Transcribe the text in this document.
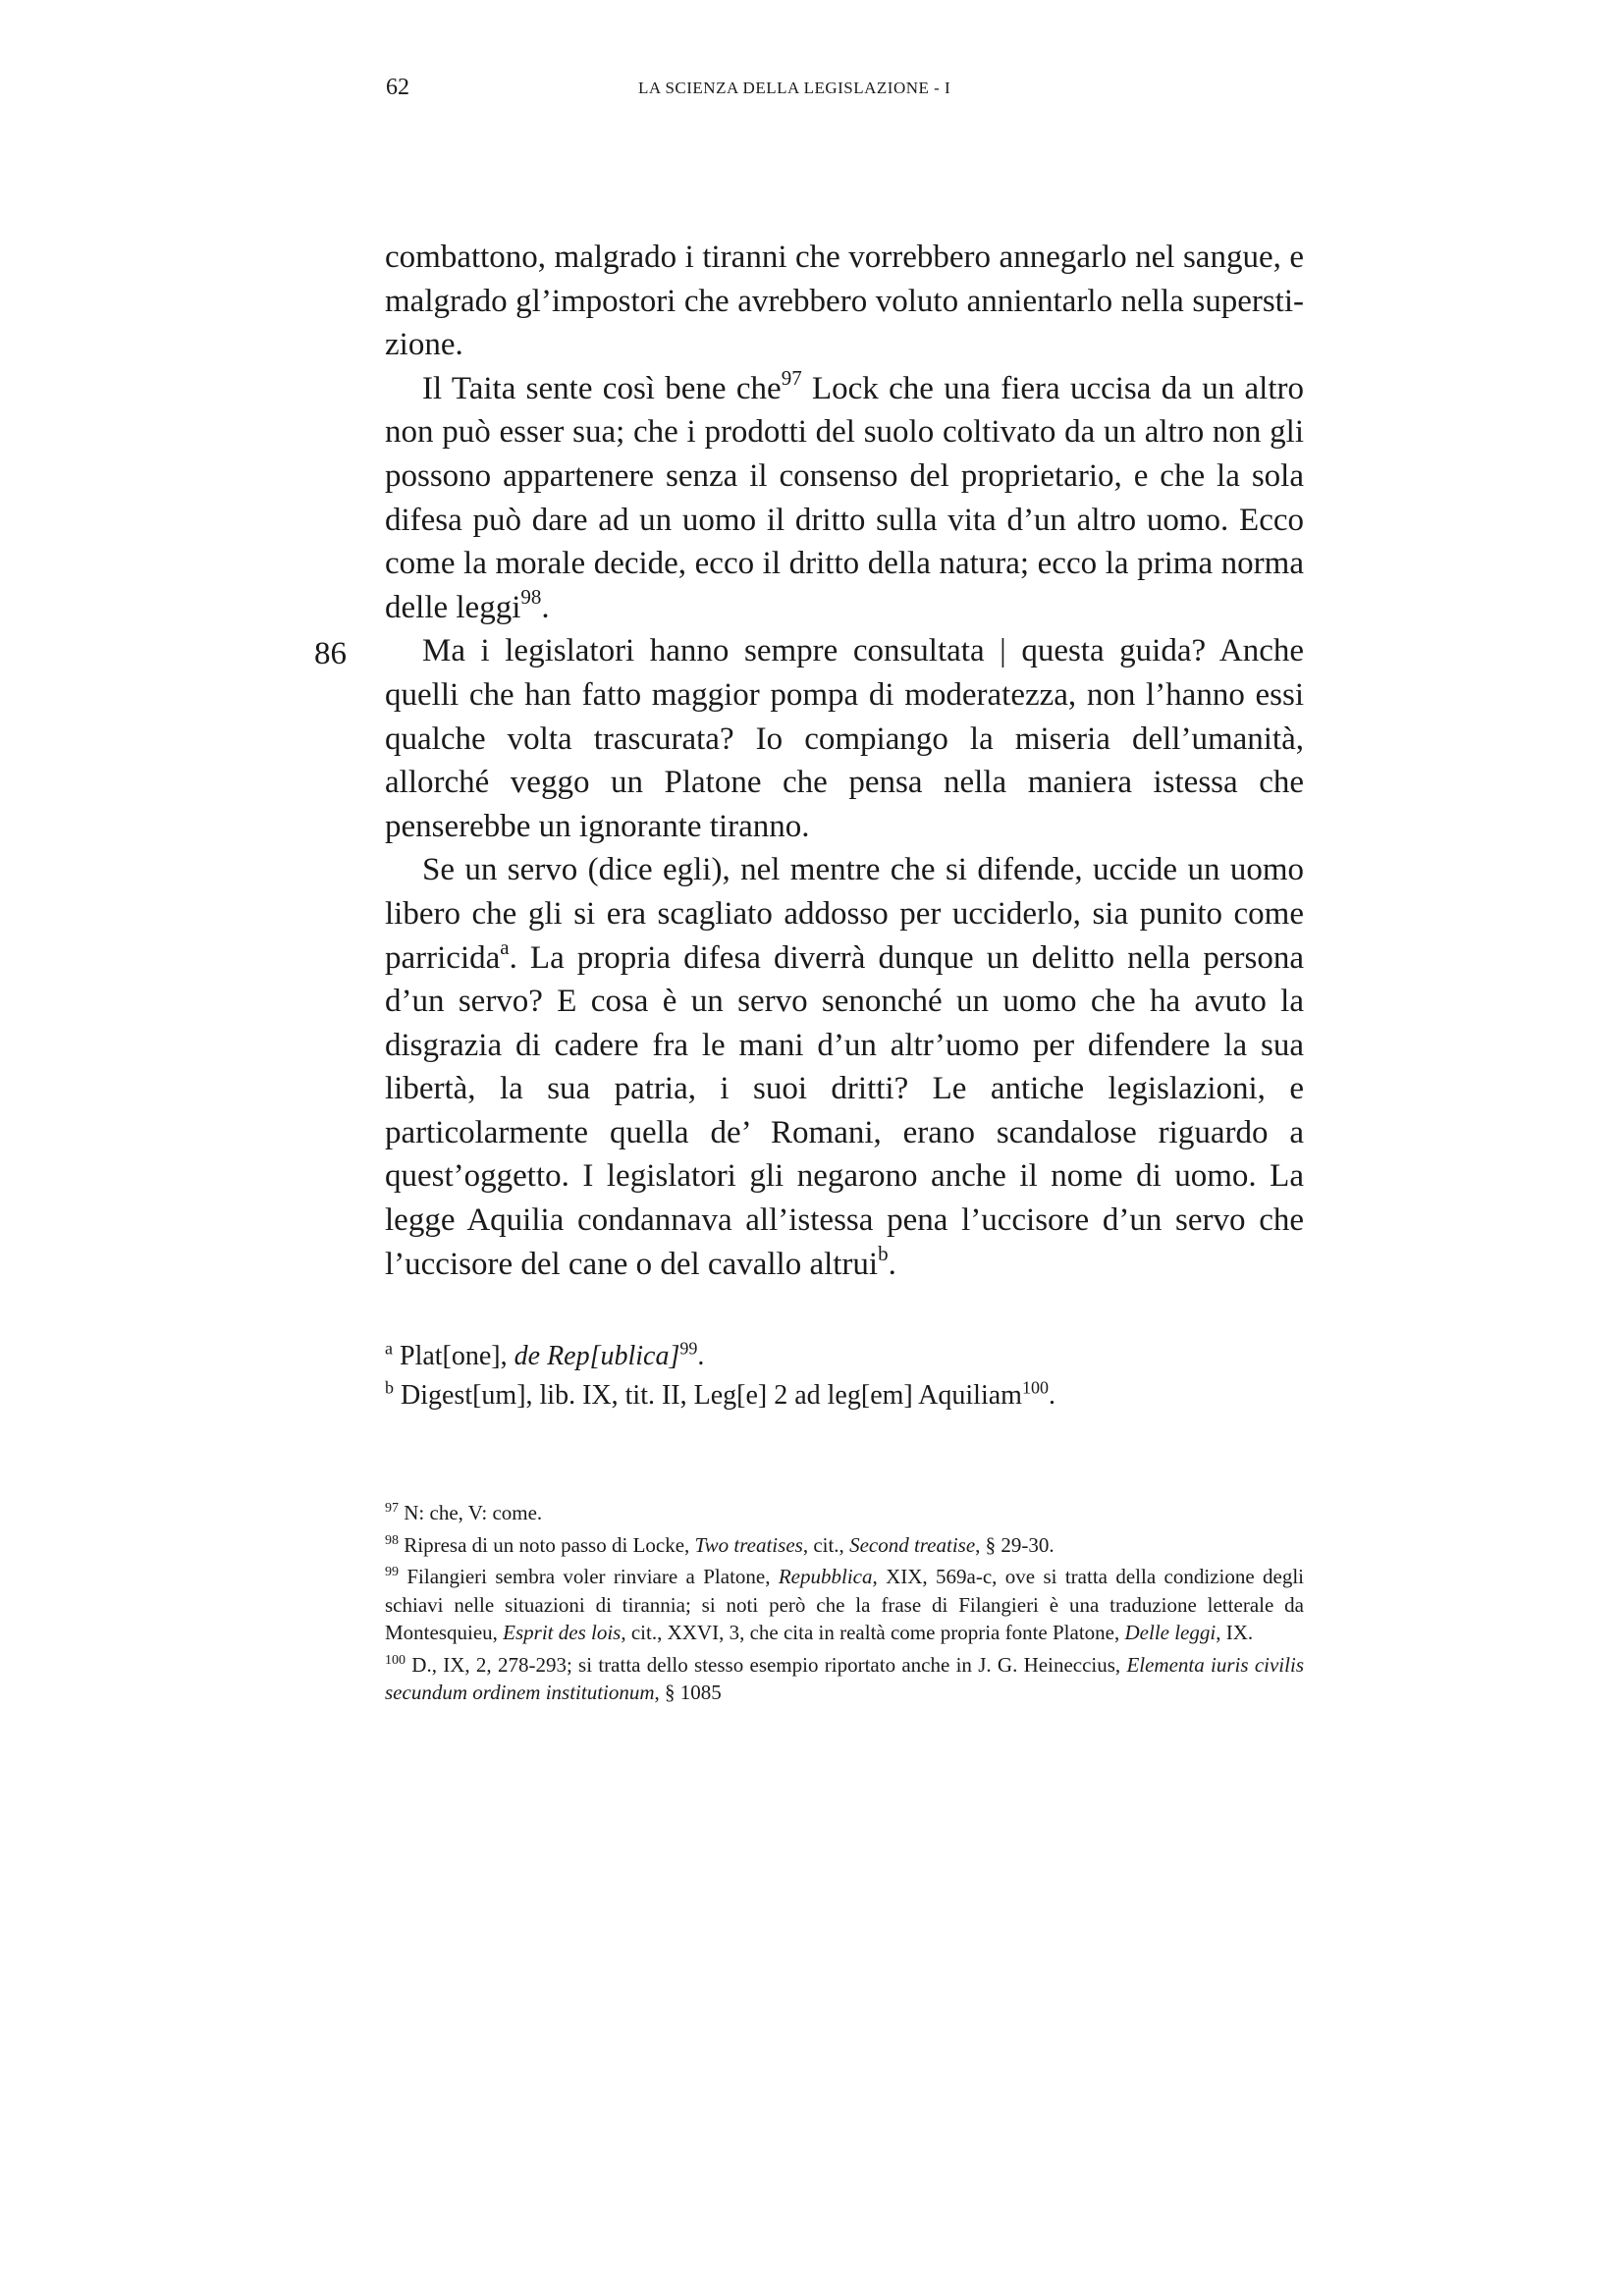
62	LA SCIENZA DELLA LEGISLAZIONE - I
86

combattono, malgrado i tiranni che vorrebbero annegarlo nel sangue, e malgrado gl’impostori che avrebbero voluto annientarlo nella supersti-zione.

Il Taita sente così bene che$^{97}$ Lock che una fiera uccisa da un altro non può esser sua; che i prodotti del suolo coltivato da un altro non gli possono appartenere senza il consenso del proprietario, e che la sola difesa può dare ad un uomo il dritto sulla vita d’un altro uomo. Ecco come la morale decide, ecco il dritto della natura; ecco la prima norma delle leggi$^{98}$.

Ma i legislatori hanno sempre consultata | questa guida? Anche quelli che han fatto maggior pompa di moderatezza, non l’hanno essi qualche volta trascurata? Io compiango la miseria dell’umanità, allorché veggo un Platone che pensa nella maniera istessa che penserebbe un ignorante tiranno.

Se un servo (dice egli), nel mentre che si difende, uccide un uomo libero che gli si era scagliato addosso per ucciderlo, sia punito come parricida$^a$. La propria difesa diverrà dunque un delitto nella persona d’un servo? E cosa è un servo senonché un uomo che ha avuto la disgrazia di cadere fra le mani d’un altr’uomo per difendere la sua libertà, la sua patria, i suoi dritti? Le antiche legislazioni, e particolarmente quella de’ Romani, erano scandalose riguardo a quest’oggetto. I legislatori gli negarono anche il nome di uomo. La legge Aquilia condannava all’istessa pena l’uccisore d’un servo che l’uccisore del cane o del cavallo altrui$^b$.

$^a$ Plat[one], de Rep[ublica]$^{99}$.

$^b$ Digest[um], lib. IX, tit. II, Leg[e] 2 ad leg[em] Aquiliam$^{100}$.

$^{97}$ N: che, V: come.

$^{98}$ Ripresa di un noto passo di Locke, Two treatises, cit., Second treatise, § 29-30.

$^{99}$ Filangieri sembra voler rinviare a Platone, Repubblica, XIX, 569a-c, ove si tratta della condizione degli schiavi nelle situazioni di tirannia; si noti però che la frase di Filangieri è una traduzione letterale da Montesquieu, Esprit des lois, cit., XXVI, 3, che cita in realtà come propria fonte Platone, Delle leggi, IX.

$^{100}$ D., IX, 2, 278-293; si tratta dello stesso esempio riportato anche in J. G. Heineccius, Elementa iuris civilis secundum ordinem institutionum, § 1085
